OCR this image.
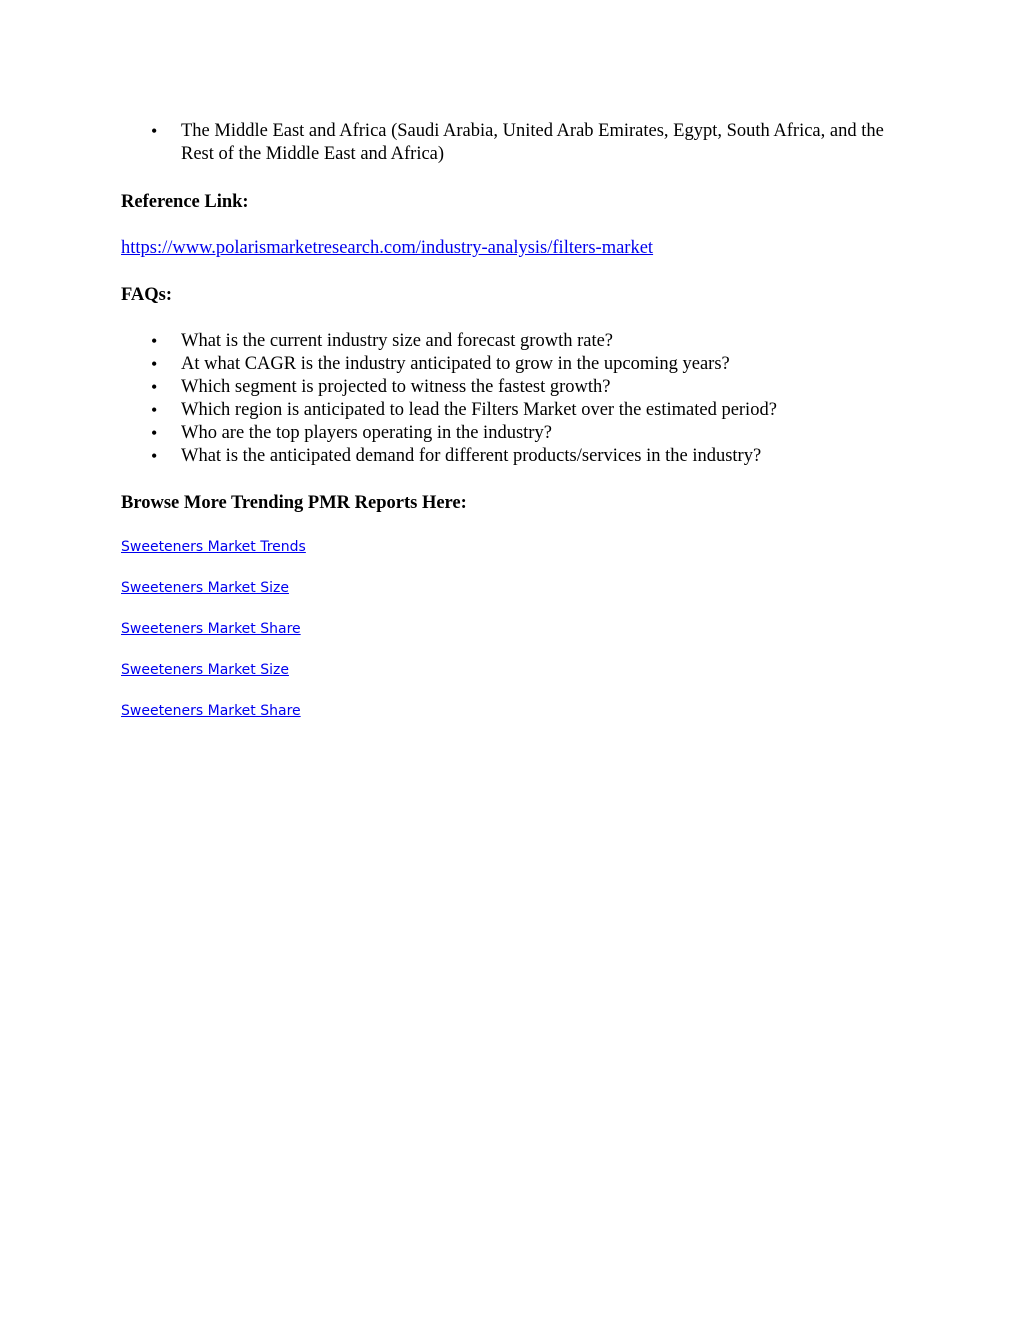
• The Middle East and Africa (Saudi Arabia, United Arab Emirates, Egypt, South Africa, and the Rest of the Middle East and Africa)
Reference Link:
https://www.polarismarketresearch.com/industry-analysis/filters-market
FAQs:
• What is the current industry size and forecast growth rate?
• At what CAGR is the industry anticipated to grow in the upcoming years?
• Which segment is projected to witness the fastest growth?
• Which region is anticipated to lead the Filters Market over the estimated period?
• Who are the top players operating in the industry?
• What is the anticipated demand for different products/services in the industry?
Browse More Trending PMR Reports Here:
Sweeteners Market Trends
Sweeteners Market Size
Sweeteners Market Share
Sweeteners Market Size
Sweeteners Market Share
